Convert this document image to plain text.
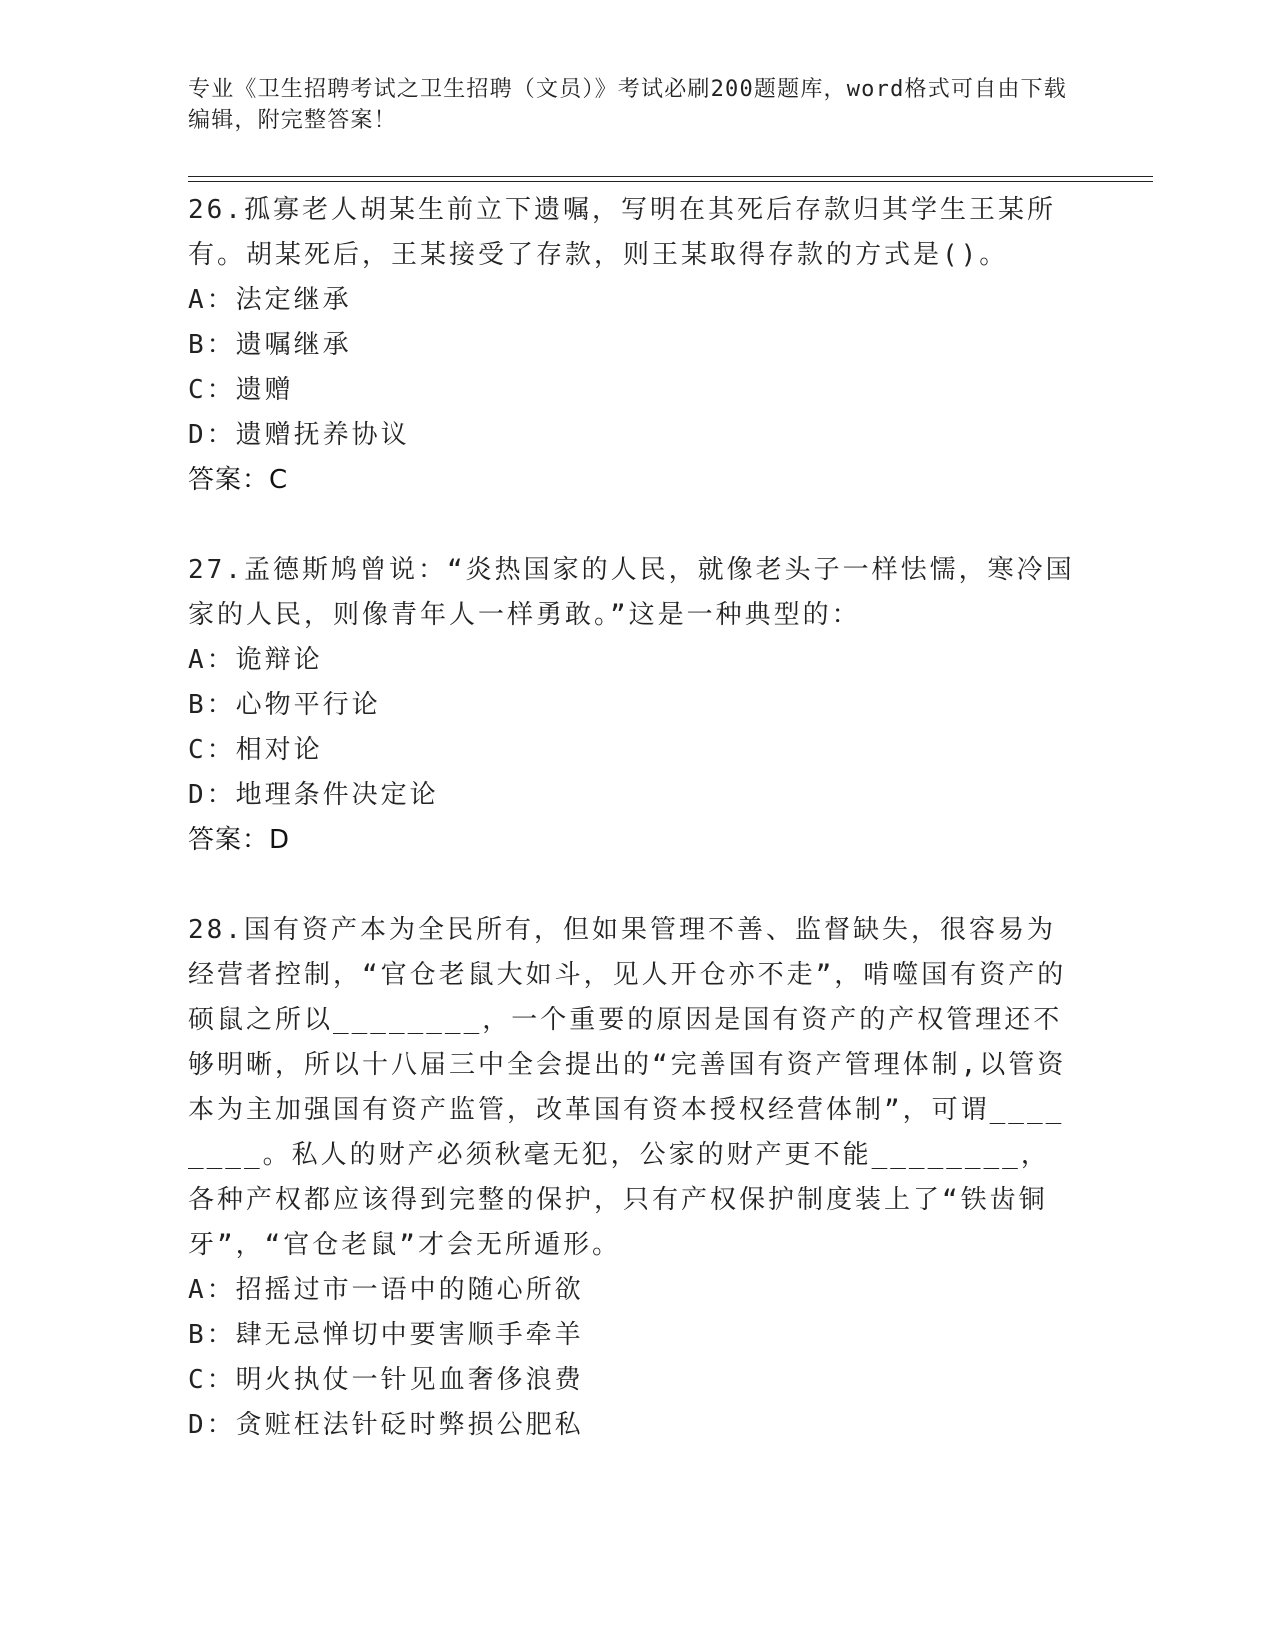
专业《卫生招聘考试之卫生招聘（文员）》考试必刷200题题库，word格式可自由下载编辑，附完整答案！

26.孤寡老人胡某生前立下遗嘱，写明在其死后存款归其学生王某所有。胡某死后，王某接受了存款，则王某取得存款的方式是()。

A：法定继承

B：遗嘱继承

C：遗赠

D：遗赠抚养协议

答案：C

27.孟德斯鸠曾说：“炎热国家的人民，就像老头子一样怯懦，寒冷国家的人民，则像青年人一样勇敢。”这是一种典型的：

A：诡辩论

B：心物平行论

C：相对论

D：地理条件决定论

答案：D

28.国有资产本为全民所有，但如果管理不善、监督缺失，很容易为经营者控制，“官仓老鼠大如斗，见人开仓亦不走”，啃噬国有资产的硕鼠之所以________，一个重要的原因是国有资产的产权管理还不够明晰，所以十八届三中全会提出的“完善国有资产管理体制,以管资本为主加强国有资产监管，改革国有资本授权经营体制”，可谓________。私人的财产必须秋毫无犯，公家的财产更不能________，各种产权都应该得到完整的保护，只有产权保护制度装上了“铁齿铜牙”，“官仓老鼠”才会无所遁形。

A：招摇过市一语中的随心所欲

B：肆无忌惮切中要害顺手牵羊

C：明火执仗一针见血奢侈浪费

D：贪赃枉法针砭时弊损公肥私
